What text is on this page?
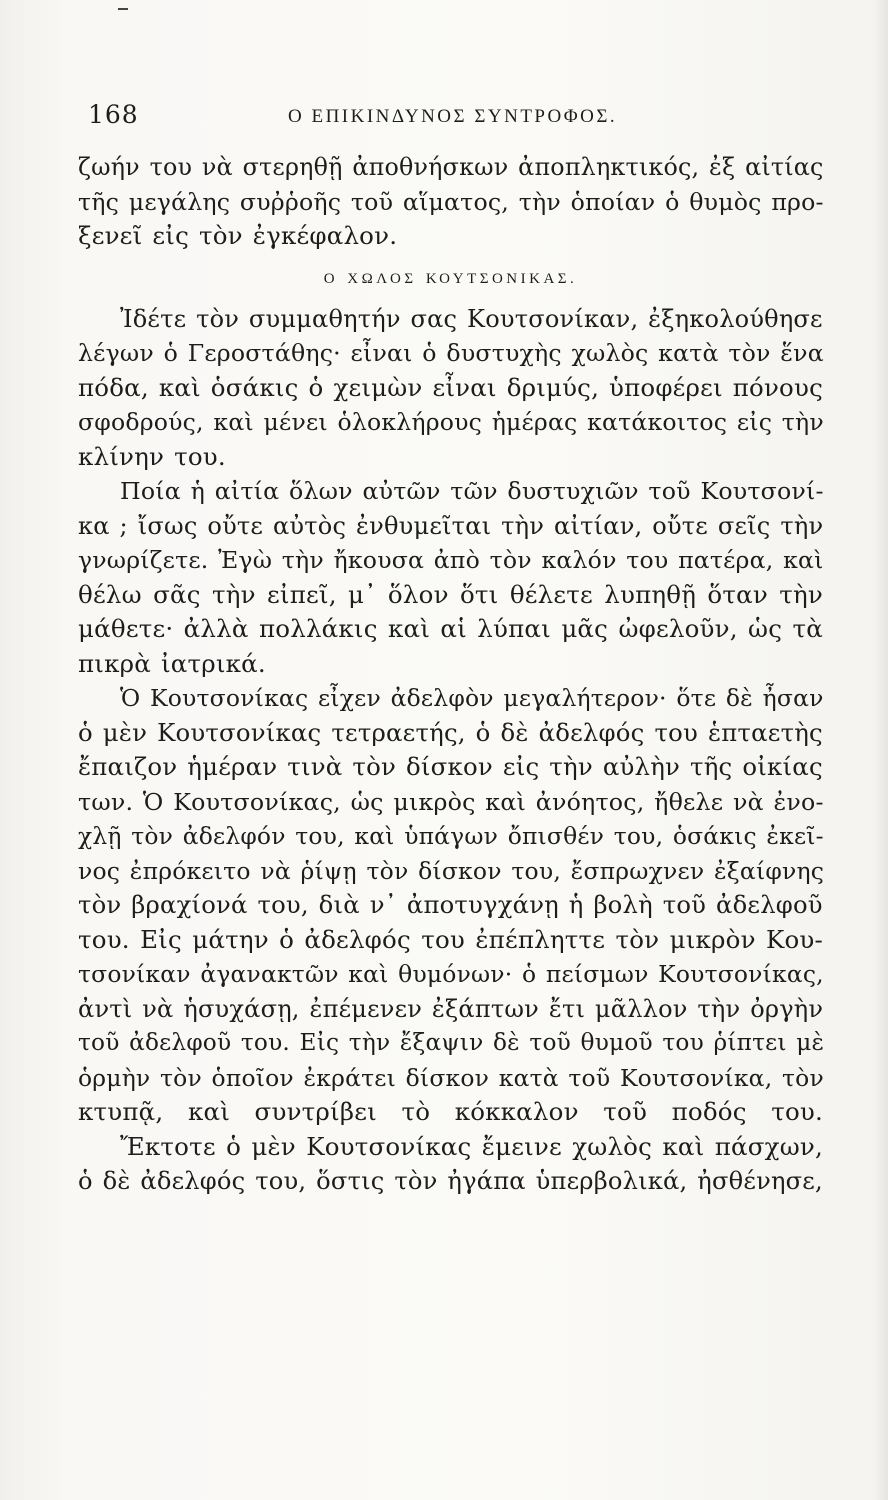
168	Ο ΕΠΙΚΙΝΔΥΝΟΣ ΣΥΝΤΡΟΦΟΣ.
ζωήν του νὰ στερηθῇ ἀποθνήσκων ἀποπληκτικός, ἐξ αἰτίας
τῆς μεγάλης συῤῥοῆς τοῦ αἵματος, τὴν ὁποίαν ὁ θυμὸς προ-
ξενεῖ εἰς τὸν ἐγκέφαλον.
Ο ΧΩΛΟΣ ΚΟΥΤΣΟΝΙΚΑΣ.
Ἰδέτε τὸν συμμαθητήν σας Κουτσονίκαν, ἐξηκολούθησε
λέγων ὁ Γεροστάθης· εἶναι ὁ δυστυχὴς χωλὸς κατὰ τὸν ἕνα
πόδα, καὶ ὁσάκις ὁ χειμὼν εἶναι δριμύς, ὑποφέρει πόνους
σφοδρούς, καὶ μένει ὁλοκλήρους ἡμέρας κατάκοιτος εἰς τὴν
κλίνην του.
Ποία ἡ αἰτία ὅλων αὐτῶν τῶν δυστυχιῶν τοῦ Κουτσονί-
κα ; ἴσως οὔτε αὐτὸς ἐνθυμεῖται τὴν αἰτίαν, οὔτε σεῖς τὴν
γνωρίζετε. Ἐγὼ τὴν ἤκουσα ἀπὸ τὸν καλόν του πατέρα, καὶ
θέλω σᾶς τὴν εἰπεῖ, μ᾽ ὅλον ὅτι θέλετε λυπηθῇ ὅταν τὴν
μάθετε· ἀλλὰ πολλάκις καὶ αἱ λύπαι μᾶς ὠφελοῦν, ὡς τὰ
πικρὰ ἰατρικά.
Ὁ Κουτσονίκας εἶχεν ἀδελφὸν μεγαλήτερον· ὅτε δὲ ἦσαν
ὁ μὲν Κουτσονίκας τετραετής, ὁ δὲ ἀδελφός του ἑπταετὴς
ἔπαιζον ἡμέραν τινὰ τὸν δίσκον εἰς τὴν αὐλὴν τῆς οἰκίας
των. Ὁ Κουτσονίκας, ὡς μικρὸς καὶ ἀνόητος, ἤθελε νὰ ἐνο-
χλῇ τὸν ἀδελφόν του, καὶ ὑπάγων ὄπισθέν του, ὁσάκις ἐκεῖ-
νος ἐπρόκειτο νὰ ῥίψῃ τὸν δίσκον του, ἔσπρωχνεν ἐξαίφνης
τὸν βραχίονά του, διὰ ν᾽ ἀποτυγχάνῃ ἡ βολὴ τοῦ ἀδελφοῦ
του. Εἰς μάτην ὁ ἀδελφός του ἐπέπληττε τὸν μικρὸν Κου-
τσονίκαν ἀγανακτῶν καὶ θυμόνων· ὁ πείσμων Κουτσονίκας,
ἀντὶ νὰ ἡσυχάσῃ, ἐπέμενεν ἐξάπτων ἔτι μᾶλλον τὴν ὀργὴν
τοῦ ἀδελφοῦ του. Εἰς τὴν ἔξαψιν δὲ τοῦ θυμοῦ του ῥίπτει μὲ
ὁρμὴν τὸν ὁποῖον ἐκράτει δίσκον κατὰ τοῦ Κουτσονίκα, τὸν
κτυπᾷ, καὶ συντρίβει τὸ κόκκαλον τοῦ ποδός του.
Ἔκτοτε ὁ μὲν Κουτσονίκας ἔμεινε χωλὸς καὶ πάσχων,
ὁ δὲ ἀδελφός του, ὅστις τὸν ἠγάπα ὑπερβολικά, ἠσθένησε,
